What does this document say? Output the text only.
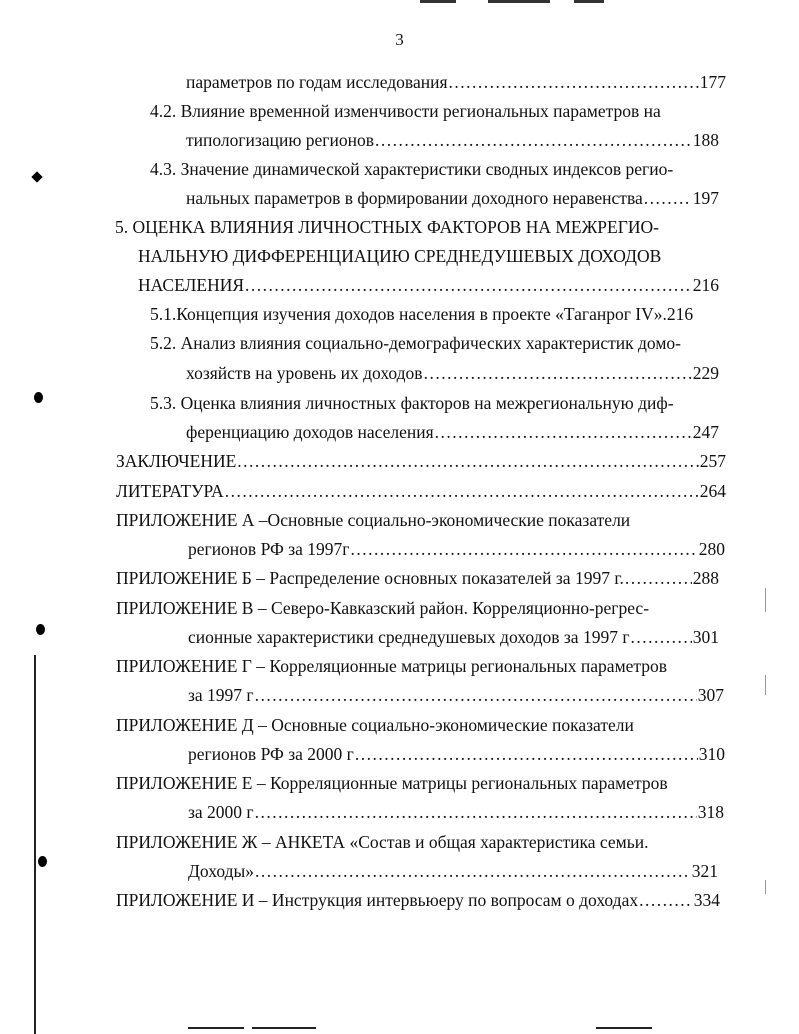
3
параметров по годам исследования .....	177
4.2. Влияние временной изменчивости региональных параметров на
типологизацию регионов .....	188
4.3. Значение динамической характеристики сводных индексов регио-
нальных параметров в формировании доходного неравенства .....	197
5. ОЦЕНКА ВЛИЯНИЯ ЛИЧНОСТНЫХ ФАКТОРОВ НА МЕЖРЕГИО-
НАЛЬНУЮ ДИФФЕРЕНЦИАЦИЮ СРЕДНЕДУШЕВЫХ ДОХОДОВ
НАСЕЛЕНИЯ .....	216
5.1.Концепция изучения доходов населения в проекте «Таганрог IV».216
5.2. Анализ влияния социально-демографических характеристик домо-
хозяйств на уровень их доходов .....	229
5.3. Оценка влияния личностных факторов на межрегиональную диф-
ференциацию доходов населения .....	247
ЗАКЛЮЧЕНИЕ .....	257
ЛИТЕРАТУРА .....	264
ПРИЛОЖЕНИЕ А –Основные социально-экономические показатели
регионов РФ за 1997г .....	280
ПРИЛОЖЕНИЕ Б – Распределение основных показателей за 1997 г. .....	288
ПРИЛОЖЕНИЕ В – Северо-Кавказский район. Корреляционно-регрес-
сионные характеристики среднедушевых доходов за 1997 г .....	301
ПРИЛОЖЕНИЕ Г – Корреляционные матрицы региональных параметров
за 1997 г .....	307
ПРИЛОЖЕНИЕ Д – Основные социально-экономические показатели
регионов РФ за 2000 г .....	310
ПРИЛОЖЕНИЕ Е – Корреляционные матрицы региональных параметров
за 2000 г .....	318
ПРИЛОЖЕНИЕ Ж – АНКЕТА «Состав и общая характеристика семьи.
Доходы» .....	321
ПРИЛОЖЕНИЕ И – Инструкция интервьюеру по вопросам о доходах .....	334
